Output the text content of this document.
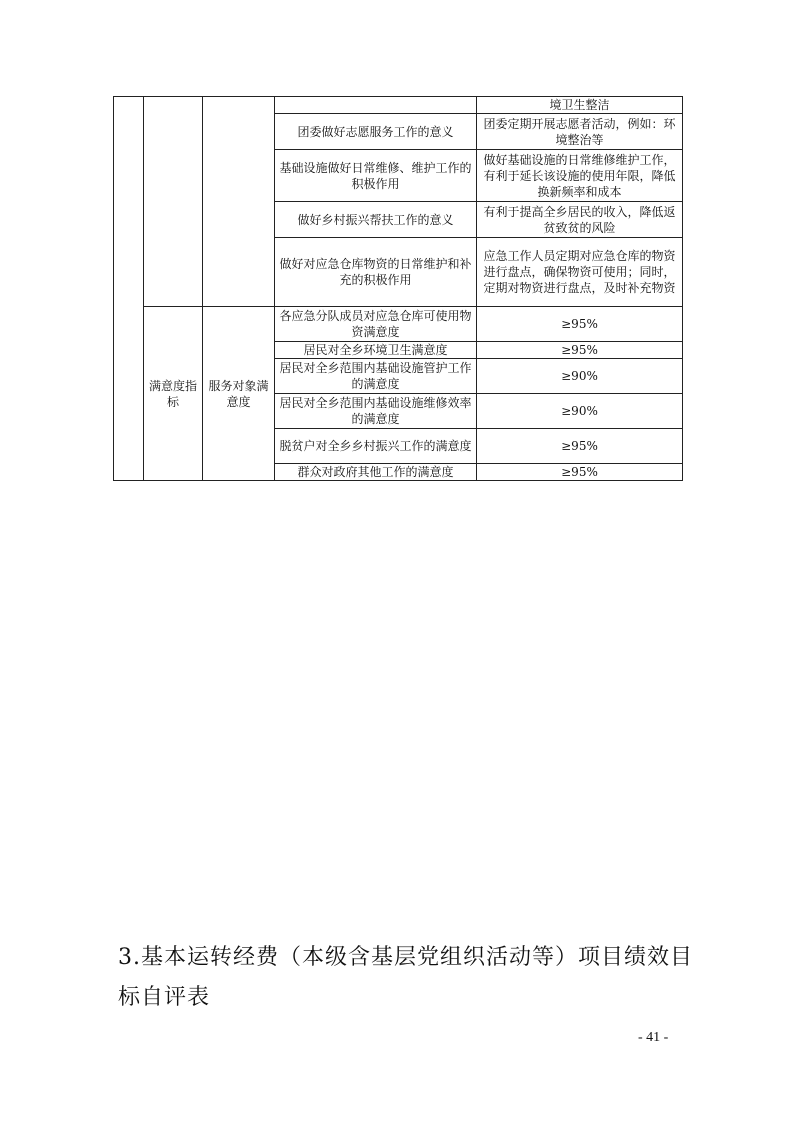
				境卫生整洁
			团委做好志愿服务工作的意义	团委定期开展志愿者活动，例如：环境整治等
			基础设施做好日常维修、维护工作的积极作用	做好基础设施的日常维修维护工作，有利于延长该设施的使用年限，降低换新频率和成本
			做好乡村振兴帮扶工作的意义	有利于提高全乡居民的收入，降低返贫致贫的风险
			做好对应急仓库物资的日常维护和补充的积极作用	应急工作人员定期对应急仓库的物资进行盘点，确保物资可使用；同时，定期对物资进行盘点，及时补充物资
	满意度指标	服务对象满意度	各应急分队成员对应急仓库可使用物资满意度	≥95%
			居民对全乡环境卫生满意度	≥95%
			居民对全乡范围内基础设施管护工作的满意度	≥90%
			居民对全乡范围内基础设施维修效率的满意度	≥90%
			脱贫户对全乡乡村振兴工作的满意度	≥95%
			群众对政府其他工作的满意度	≥95%
3.基本运转经费（本级含基层党组织活动等）项目绩效目标自评表
- 41 -
